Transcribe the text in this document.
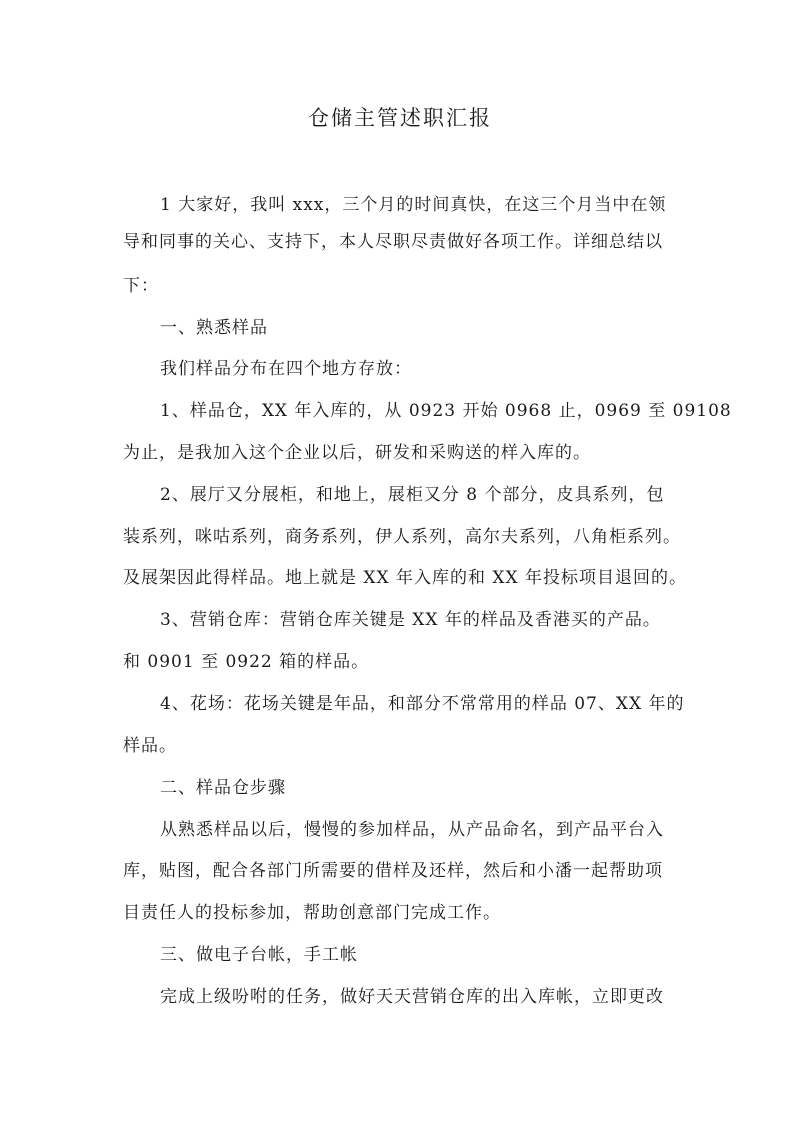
仓储主管述职汇报
1 大家好，我叫 xxx，三个月的时间真快，在这三个月当中在领
导和同事的关心、支持下，本人尽职尽责做好各项工作。详细总结以
下：
一、熟悉样品
我们样品分布在四个地方存放：
1、样品仓，XX 年入库的，从 0923 开始 0968 止，0969 至 09108
为止，是我加入这个企业以后，研发和采购送的样入库的。
2、展厅又分展柜，和地上，展柜又分 8 个部分，皮具系列，包
装系列，咪咕系列，商务系列，伊人系列，高尔夫系列，八角柜系列。
及展架因此得样品。地上就是 XX 年入库的和 XX 年投标项目退回的。
3、营销仓库：营销仓库关键是 XX 年的样品及香港买的产品。
和 0901 至 0922 箱的样品。
4、花场：花场关键是年品，和部分不常常用的样品 07、XX 年的
样品。
二、样品仓步骤
从熟悉样品以后，慢慢的参加样品，从产品命名，到产品平台入
库，贴图，配合各部门所需要的借样及还样，然后和小潘一起帮助项
目责任人的投标参加，帮助创意部门完成工作。
三、做电子台帐，手工帐
完成上级吩咐的任务，做好天天营销仓库的出入库帐，立即更改
